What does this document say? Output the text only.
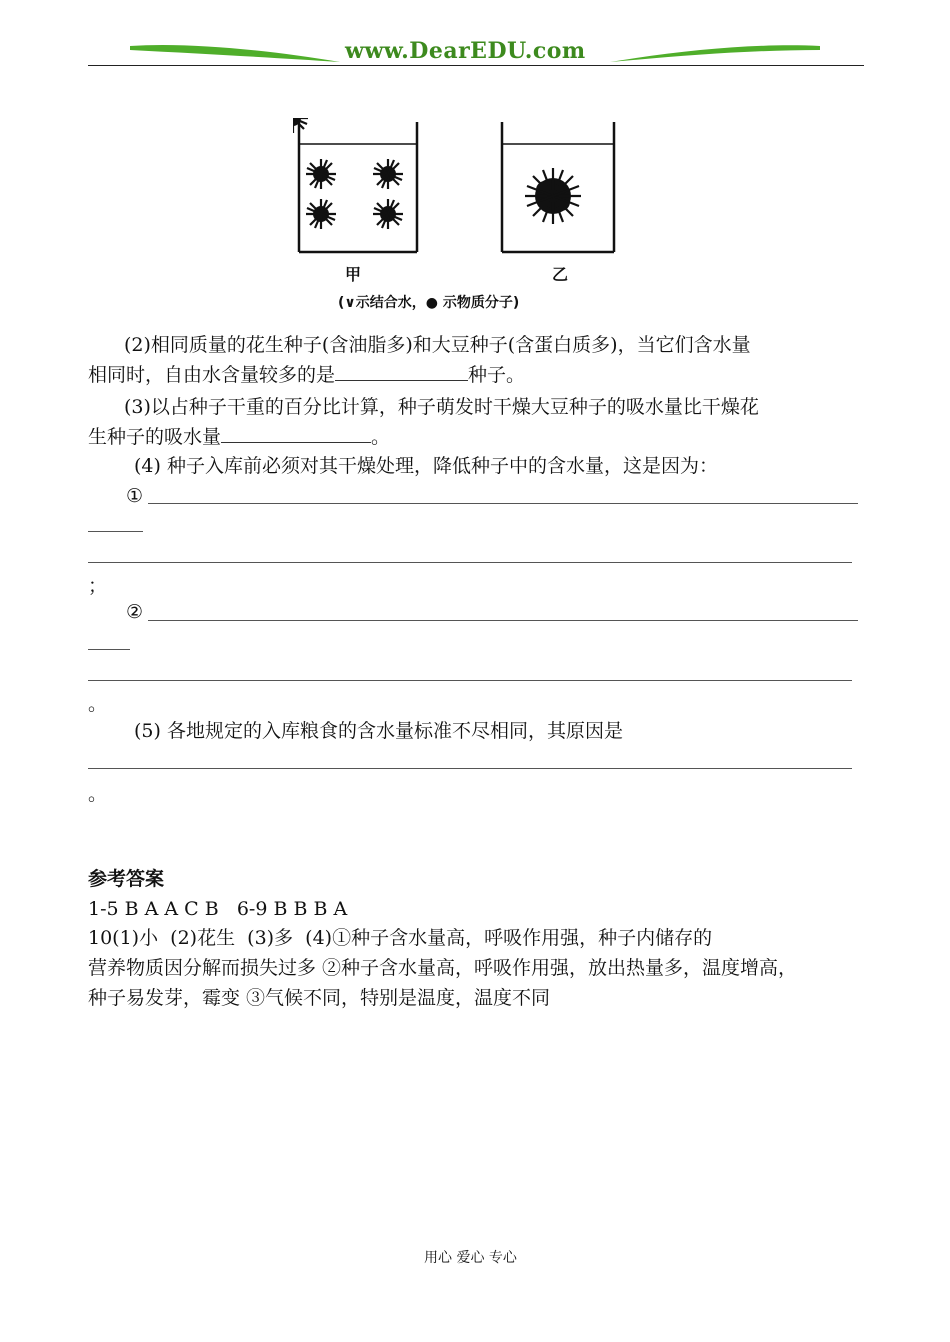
www.DearEDU.com
甲	乙
(∨示结合水，● 示物质分子)
(2)相同质量的花生种子(含油脂多)和大豆种子(含蛋白质多)，当它们含水量
相同时，自由水含量较多的是	种子。
(3)以占种子干重的百分比计算，种子萌发时干燥大豆种子的吸水量比干燥花
生种子的吸水量	。
(4) 种子入库前必须对其干燥处理，降低种子中的含水量，这是因为：
①
；
②
。
(5) 各地规定的入库粮食的含水量标准不尽相同，其原因是
。
参考答案
1-5 B A A C B   6-9 B B B A
10(1)小  (2)花生  (3)多  (4)①种子含水量高，呼吸作用强，种子内储存的
营养物质因分解而损失过多 ②种子含水量高，呼吸作用强，放出热量多，温度增高，
种子易发芽，霉变 ③气候不同，特别是温度，温度不同
用心 爱心 专心
